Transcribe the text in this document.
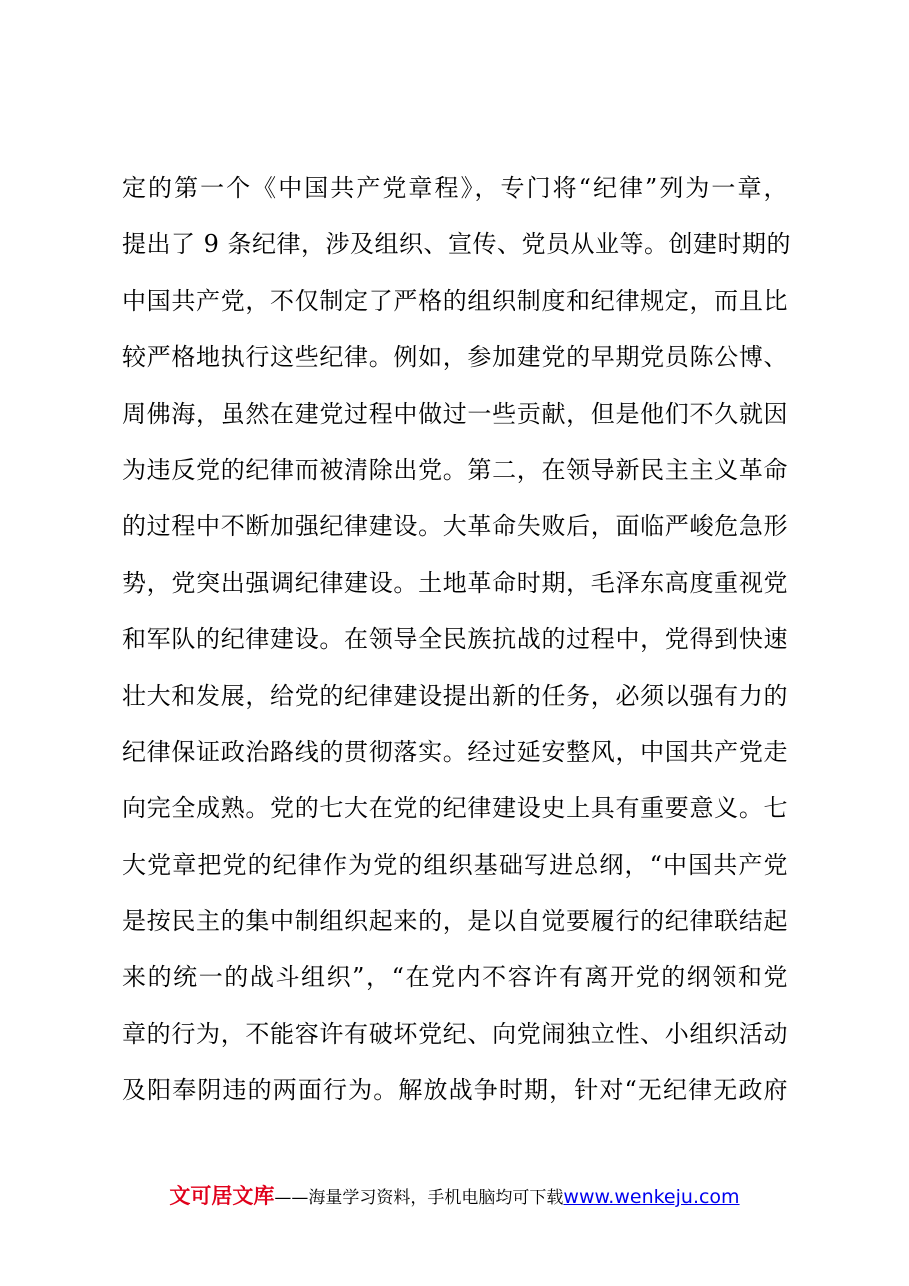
定的第一个《中国共产党章程》，专门将“纪律”列为一章，
提出了 9 条纪律，涉及组织、宣传、党员从业等。创建时期的
中国共产党，不仅制定了严格的组织制度和纪律规定，而且比
较严格地执行这些纪律。例如，参加建党的早期党员陈公博、
周佛海，虽然在建党过程中做过一些贡献，但是他们不久就因
为违反党的纪律而被清除出党。第二，在领导新民主主义革命
的过程中不断加强纪律建设。大革命失败后，面临严峻危急形
势，党突出强调纪律建设。土地革命时期，毛泽东高度重视党
和军队的纪律建设。在领导全民族抗战的过程中，党得到快速
壮大和发展，给党的纪律建设提出新的任务，必须以强有力的
纪律保证政治路线的贯彻落实。经过延安整风，中国共产党走
向完全成熟。党的七大在党的纪律建设史上具有重要意义。七
大党章把党的纪律作为党的组织基础写进总纲，“中国共产党
是按民主的集中制组织起来的，是以自觉要履行的纪律联结起
来的统一的战斗组织”，“在党内不容许有离开党的纲领和党
章的行为，不能容许有破坏党纪、向党闹独立性、小组织活动
及阳奉阴违的两面行为。解放战争时期，针对“无纪律无政府
文可居文库 ——海量学习资料，手机电脑均可下载 www.wenkeju.com
